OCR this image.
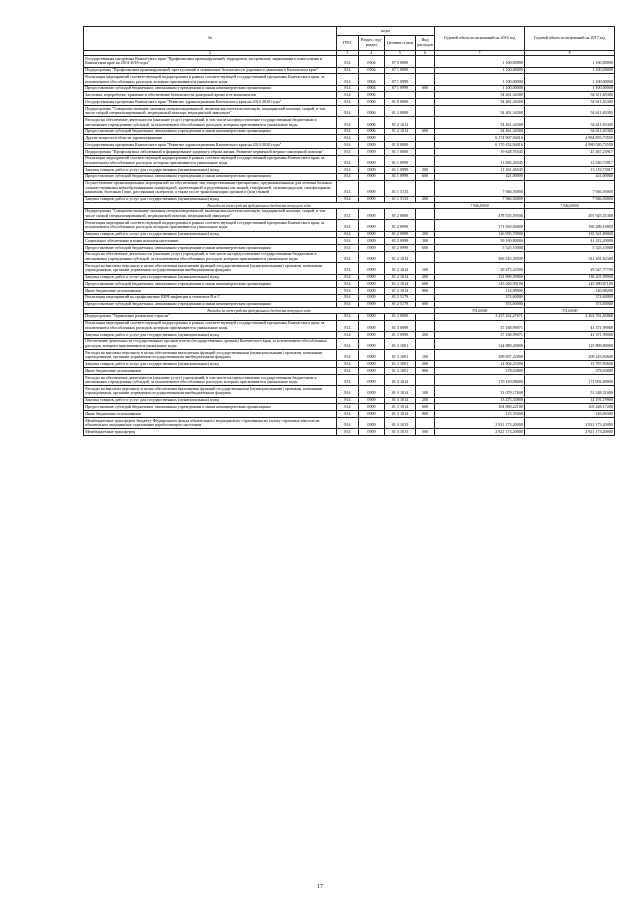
№	коды				Годовой объем ассигнований на 2016 год	Годовой объем ассигнований на 2017 год
	ГРБС	Раздел, под-раздел	Целевая статья	Вид расходов		
2	3	4	5	6	7	8
Государственная программа Камчатского края "Профилактика правонарушений, терроризма, экстремизма, наркомании и алкоголизма в Камчатском крае на 2014-2018 годы"	814	0904	07 0 0000		1 100,00000	1 100,00000
Подпрограмма "Профилактика правонарушений, преступлений и повышение безопасности дорожного движения в Камчатском крае"	814	0904	07 1 0000		1 100,00000	1 100,00000
Реализация мероприятий соответствующей подпрограммы в рамках соответствующей государственной программы Камчатского края, за исключением обособленных расходов, которым присваиваются уникальные коды	814	0904	07 1 0999		1 100,00000	1 100,00000
Предоставление субсидий бюджетным, автономным учреждениям и иным некоммерческим организациям	814	0904	07 1 0999	600	1 100,00000	1 100,00000
Заготовка, переработка, хранение и обеспечение безопасности донорской крови и ее компонентов	814	0906			54 461,34300	54 611,65300
Государственная программа Камчатского края "Развитие здравоохранения Камчатского края на 2014-2020 годы"	814	0906	01 0 0000		54 461,34300	54 611,65300
Подпрограмма "Совершенствование оказания специализированной, включая высокотехнологичную, медицинской помощи, скорой, в том числе скорой специализированной, медицинской помощи, медицинской эвакуации"	814	0906	01 2 0000		54 461,34300	54 611,65300
Расходы на обеспечение деятельности (оказание услуг) учреждений, в том числе на предоставление государственным бюджетным и автономным учреждениям субсидий, за исключением обособленных расходов, которым присваиваются уникальные коды	814	0906	01 2 1014		54 461,34300	54 611,65300
Предоставление субсидий бюджетным, автономным учреждениям и иным некоммерческим организациям	814	0906	01 2 1014	600	54 461,34300	54 611,65300
Другие вопросы в области здравоохранения	814	0909			6 174 907,94016	4 984 855,73550
Государственная программа Камчатского края "Развитие здравоохранения Камчатского края на 2014-2020 годы"	814	0909	01 0 0000		6 170 432,94016	4 980 020,73550
Подпрограмма "Профилактика заболеваний и формирование здорового образа жизни. Развитие первичной медико-санитарной помощи"	814	0909	01 1 0000		19 628,76545	21 467,23917
Реализация мероприятий соответствующей подпрограммы в рамках соответствующей государственной программы Камчатского края, за исключением обособленных расходов, которым присваиваются уникальные коды	814	0909	01 1 0999		11 682,26545	13 540,73917
Закупка товаров, работ и услуг для государственных (муниципальных) нужд	814	0909	01 1 0999	200	11 261,26545	13 119,73917
Предоставление субсидий бюджетным, автономным учреждениям и иным некоммерческим организациям	814	0909	01 1 0999	600	421,00000	421,00000
Осуществление организационных мероприятий по обеспечению лиц лекарственными препаратами, предназначенными для лечения больных злокачественными новообразованиями лимфоидной, кроветворной и родственных им тканей, гемофилией, муковисцидозом, гипофизарным нанизмом, болезнью Гоше, рассеянным склерозом, а также после трансплантации органов и (или) тканей	814	0909	01 1 5133		7 946,50000	7 946,50000
Закупка товаров, работ и услуг для государственных (муниципальных) нужд	814	0909	01 1 5133	200	7 946,50000	7 946,50000
Расходы за счет средств федерального бюджета текущего года					7 946,50000	7 946,50000
Подпрограмма "Совершенствование оказания специализированной, включая высокотехнологичную, медицинской помощи, скорой, в том числе скорой специализированной, медицинской помощи, медицинской эвакуации"	814	0909	01 2 0000		478 535,59500	491 925,31300
Реализация мероприятий соответствующей подпрограммы в рамках соответствующей государственной программы Камчатского края, за исключением обособленных расходов, которым присваиваются уникальные коды	814	0909	01 2 0999		171 650,60000	180 289,10000
Закупка товаров, работ и услуг для государственных (муниципальных) нужд	814	0909	01 2 0999	200	126 955,70000	135 541,80000
Социальное обеспечение и иные выплаты населению	814	0909	01 2 0999	300	39 169,80000	41 222,20000
Предоставление субсидий бюджетным, автономным учреждениям и иным некоммерческим организациям	814	0909	01 2 0999	600	5 525,10000	5 525,10000
Расходы на обеспечение деятельности (оказание услуг) учреждений, в том числе на предоставление государственным бюджетным и автономным учреждениям субсидий, за исключением обособленных расходов, которым присваиваются уникальные коды	814	0909	01 2 1014		306 510,39500	311 261,62300
Расходы на выплаты персоналу в целях обеспечения выполнения функций государственными (муниципальными) органами, казенными учреждениями, органами управления государственными внебюджетными фондами	814	0909	01 2 1014	100	29 475,22500	29 547,77700
Закупка товаров, работ и услуг для государственных (муниципальных) нужд	814	0909	01 2 1014	200	131 899,59000	136 201,99000
Предоставление субсидий бюджетным, автономным учреждениям и иным некоммерческим организациям	814	0909	01 2 1014	600	145 020,59100	145 380,87100
Иные бюджетные ассигнования	814	0909	01 2 1014	800	114,99900	120,98200
Реализация мероприятий по профилактике ВИЧ-инфекции и гепатитов В и С	814	0909	01 2 5179		374,60000	374,60000
Предоставление субсидий бюджетным, автономным учреждениям и иным некоммерческим организациям	814	0909	01 2 5179	600	374,60000	374,60000
Расходы за счет средств федерального бюджета текущего года					374,60000	374,60000
Подпрограмма "Управление развитием отрасли"	814	0909	01 3 0000		3 257 162,27671	3 263 781,65868
Реализация мероприятий соответствующей подпрограммы в рамках соответствующей государственной программы Камчатского края, за исключением обособленных расходов, которым присваиваются уникальные коды	814	0909	01 3 0999		37 168,99071	41 371,99068
Закупка товаров, работ и услуг для государственных (муниципальных) нужд	814	0909	01 3 0999	200	37 168,99071	41 371,99068
Обеспечение деятельности государственных органов власти (государственных органов) Камчатского края, за исключением обособленных расходов, которым присваиваются уникальные коды	814	0909	01 3 1001		124 880,20000	125 809,80000
Расходы на выплаты персоналу в целях обеспечения выполнения функций государственными (муниципальными) органами, казенными учреждениями, органами управления государственными внебюджетными фондами	814	0909	01 3 1001	100	109 697,22000	109 243,92600
Закупка товаров, работ и услуг для государственных (муниципальных) нужд	814	0909	01 3 1001	200	14 904,23300	15 787,83600
Иные бюджетные ассигнования	814	0909	01 3 1001	800	278,03800	278,03800
Расходы на обеспечение деятельности (оказание услуг) учреждений, в том числе на предоставление государственным бюджетным и автономным учреждениям субсидий, за исключением обособленных расходов, которым присваиваются уникальные коды	814	0909	01 3 1014		170 149,08600	171 092,69000
Расходы на выплаты персоналу в целях обеспечения выполнения функций государственными (муниципальными) органами, казенными учреждениями, органами управления государственными внебюджетными фондами	814	0909	01 3 1014	100	51 079,17600	51 348,31600
Закупка товаров, работ и услуг для государственных (муниципальных) нужд	814	0909	01 3 1014	200	13 475,33900	14 191,19900
Предоставление субсидий бюджетным, автономным учреждениям и иным некоммерческим организациям	814	0909	01 3 1014	600	104 869,22100	105 426,17200
Иные бюджетные ассигнования	814	0909	01 3 1014	800	125,35000	126,00300
Межбюджетные трансферты бюджету Федерального фонда обязательного медицинского страхования на уплату страховых взносов на обязательное медицинское страхование неработающего населения	814	0909	01 3 1015		2 921 173,20000	2 921 173,20000
Межбюджетные трансферты	814	0909	01 3 1015	500	2 921 173,20000	2 921 173,20000
17
